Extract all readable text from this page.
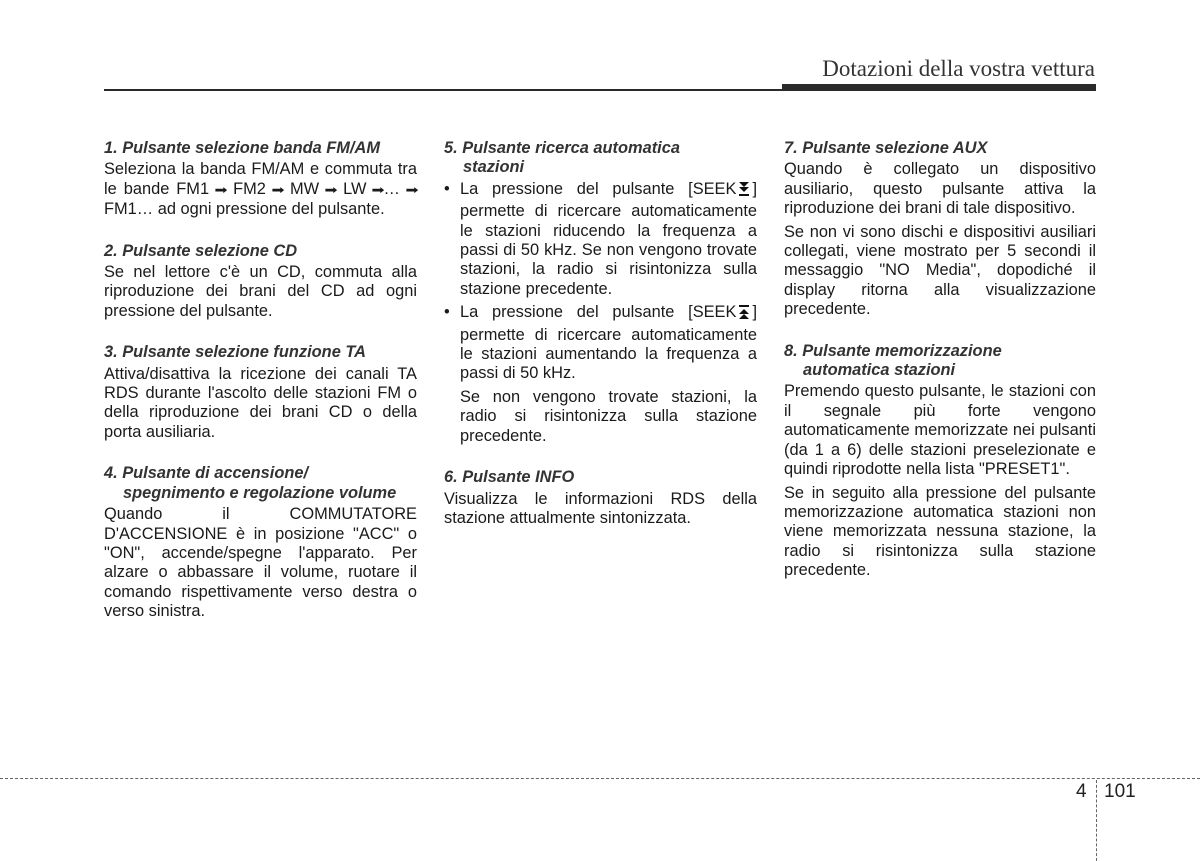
Dotazioni della vostra vettura
1. Pulsante selezione banda FM/AM
Seleziona la banda FM/AM e commuta tra le bande FM1 ➡ FM2 ➡ MW ➡ LW ➡… ➡ FM1… ad ogni pressione del pulsante.
2. Pulsante selezione CD
Se nel lettore c'è un CD, commuta alla riproduzione dei brani del CD ad ogni pressione del pulsante.
3. Pulsante selezione funzione TA
Attiva/disattiva la ricezione dei canali TA RDS durante l'ascolto delle stazioni FM o della riproduzione dei brani CD o della porta ausiliaria.
4. Pulsante di accensione/
spegnimento e regolazione volume
Quando il COMMUTATORE D'ACCENSIONE è in posizione "ACC" o "ON", accende/spegne l'apparato. Per alzare o abbassare il volume, ruotare il comando rispettivamente verso destra o verso sinistra.
5. Pulsante ricerca automatica
stazioni
• La pressione del pulsante [SEEK ] permette di ricercare automaticamente le stazioni riducendo la frequenza a passi di 50 kHz. Se non vengono trovate stazioni, la radio si risintonizza sulla stazione precedente.
• La pressione del pulsante [SEEK ] permette di ricercare automaticamente le stazioni aumentando la frequenza a passi di 50 kHz.
Se non vengono trovate stazioni, la radio si risintonizza sulla stazione precedente.
6. Pulsante INFO
Visualizza le informazioni RDS della stazione attualmente sintonizzata.
7. Pulsante selezione AUX
Quando è collegato un dispositivo ausiliario, questo pulsante attiva la riproduzione dei brani di tale dispositivo.
Se non vi sono dischi e dispositivi ausiliari collegati, viene mostrato per 5 secondi il messaggio "NO Media", dopodiché il display ritorna alla visualizzazione precedente.
8. Pulsante memorizzazione
automatica stazioni
Premendo questo pulsante, le stazioni con il segnale più forte vengono automaticamente memorizzate nei pulsanti (da 1 a 6) delle stazioni preselezionate e quindi riprodotte nella lista "PRESET1".
Se in seguito alla pressione del pulsante memorizzazione automatica stazioni non viene memorizzata nessuna stazione, la radio si risintonizza sulla stazione precedente.
4 101
